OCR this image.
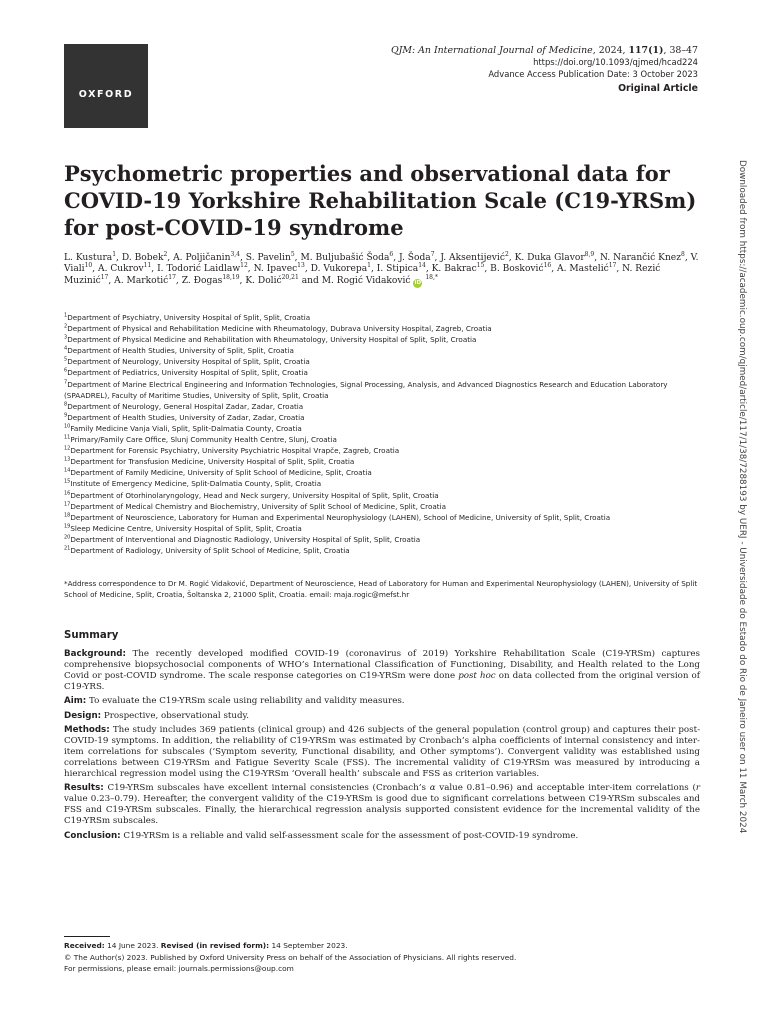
OXFORD
QJM: An International Journal of Medicine, 2024, 117(1), 38–47
https://doi.org/10.1093/qjmed/hcad224
Advance Access Publication Date: 3 October 2023
Original Article
Psychometric properties and observational data for COVID-19 Yorkshire Rehabilitation Scale (C19-YRSm) for post-COVID-19 syndrome
L. Kustura$^1$, D. Bobek$^2$, A. Poljičanin$^{3,4}$, S. Pavelin$^5$, M. Buljubašić Šoda$^6$, J. Šoda$^7$, J. Aksentijević$^2$, K. Duka Glavor$^{8,9}$, N. Narančić Knez$^8$, V. Viali$^{10}$, A. Cukrov$^{11}$, I. Todorić Laidlaw$^{12}$, N. Ipavec$^{13}$, D. Vukorepa$^1$, I. Stipica$^{14}$, K. Bakrac$^{15}$, B. Bosković$^{16}$, A. Mastelić$^{17}$, N. Rezić Muzinić$^{17}$, A. Markotić$^{17}$, Z. Đogas$^{18,19}$, K. Dolić$^{20,21}$ and M. Rogić Vidaković iD $^{18,*}$
$^1$Department of Psychiatry, University Hospital of Split, Split, Croatia
$^2$Department of Physical and Rehabilitation Medicine with Rheumatology, Dubrava University Hospital, Zagreb, Croatia
$^3$Department of Physical Medicine and Rehabilitation with Rheumatology, University Hospital of Split, Split, Croatia
$^4$Department of Health Studies, University of Split, Split, Croatia
$^5$Department of Neurology, University Hospital of Split, Split, Croatia
$^6$Department of Pediatrics, University Hospital of Split, Split, Croatia
$^7$Department of Marine Electrical Engineering and Information Technologies, Signal Processing, Analysis, and Advanced Diagnostics Research and Education Laboratory (SPAADREL), Faculty of Maritime Studies, University of Split, Split, Croatia
$^8$Department of Neurology, General Hospital Zadar, Zadar, Croatia
$^9$Department of Health Studies, University of Zadar, Zadar, Croatia
$^{10}$Family Medicine Vanja Viali, Split, Split-Dalmatia County, Croatia
$^{11}$Primary/Family Care Office, Slunj Community Health Centre, Slunj, Croatia
$^{12}$Department for Forensic Psychiatry, University Psychiatric Hospital Vrapče, Zagreb, Croatia
$^{13}$Department for Transfusion Medicine, University Hospital of Split, Split, Croatia
$^{14}$Department of Family Medicine, University of Split School of Medicine, Split, Croatia
$^{15}$Institute of Emergency Medicine, Split-Dalmatia County, Split, Croatia
$^{16}$Department of Otorhinolaryngology, Head and Neck surgery, University Hospital of Split, Split, Croatia
$^{17}$Department of Medical Chemistry and Biochemistry, University of Split School of Medicine, Split, Croatia
$^{18}$Department of Neuroscience, Laboratory for Human and Experimental Neurophysiology (LAHEN), School of Medicine, University of Split, Split, Croatia
$^{19}$Sleep Medicine Centre, University Hospital of Split, Split, Croatia
$^{20}$Department of Interventional and Diagnostic Radiology, University Hospital of Split, Split, Croatia
$^{21}$Department of Radiology, University of Split School of Medicine, Split, Croatia
*Address correspondence to Dr M. Rogić Vidaković, Department of Neuroscience, Head of Laboratory for Human and Experimental Neurophysiology (LAHEN), University of Split School of Medicine, Split, Croatia, Šoltanska 2, 21000 Split, Croatia. email: maja.rogic@mefst.hr
Summary

Background: The recently developed modified COVID-19 (coronavirus of 2019) Yorkshire Rehabilitation Scale (C19-YRSm) captures comprehensive biopsychosocial components of WHO’s International Classification of Functioning, Disability, and Health related to the Long Covid or post-COVID syndrome. The scale response categories on C19-YRSm were done post hoc on data collected from the original version of C19-YRS.

Aim: To evaluate the C19-YRSm scale using reliability and validity measures.

Design: Prospective, observational study.

Methods: The study includes 369 patients (clinical group) and 426 subjects of the general population (control group) and captures their post-COVID-19 symptoms. In addition, the reliability of C19-YRSm was estimated by Cronbach’s alpha coefficients of internal consistency and inter-item correlations for subscales (‘Symptom severity, Functional disability, and Other symptoms’). Convergent validity was established using correlations between C19-YRSm and Fatigue Severity Scale (FSS). The incremental validity of C19-YRSm was measured by introducing a hierarchical regression model using the C19-YRSm ‘Overall health’ subscale and FSS as criterion variables.

Results: C19-YRSm subscales have excellent internal consistencies (Cronbach’s α value 0.81–0.96) and acceptable inter-item correlations (r value 0.23–0.79). Hereafter, the convergent validity of the C19-YRSm is good due to significant correlations between C19-YRSm subscales and FSS and C19-YRSm subscales. Finally, the hierarchical regression analysis supported consistent evidence for the incremental validity of the C19-YRSm subscales.

Conclusion: C19-YRSm is a reliable and valid self-assessment scale for the assessment of post-COVID-19 syndrome.

Received: 14 June 2023. Revised (in revised form): 14 September 2023.
© The Author(s) 2023. Published by Oxford University Press on behalf of the Association of Physicians. All rights reserved.
For permissions, please email: journals.permissions@oup.com
Downloaded from https://academic.oup.com/qjmed/article/117/1/38/7288193 by UERJ - Universidade do Estado do Rio de Janeiro user on 11 March 2024
